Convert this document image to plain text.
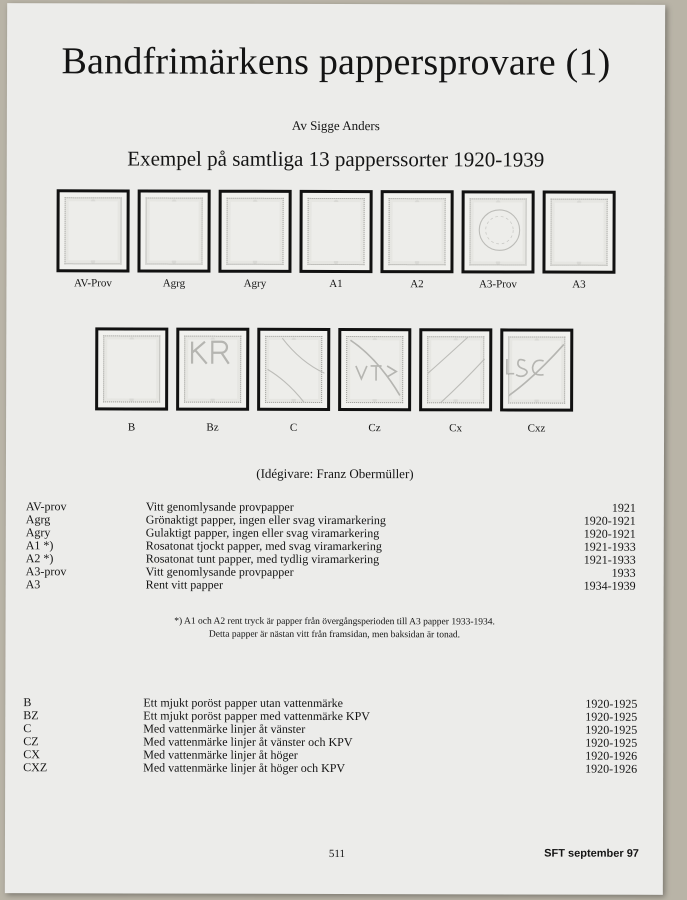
Bandfrimärkens pappersprovare (1)
Av Sigge Anders
Exempel på samtliga 13 papperssorter 1920-1939
AV-Prov	Agrg	Agry	A1	A2	A3-Prov	A3
B	Bz	C	Cz	Cx	Cxz
(Idégivare: Franz Obermüller)
AV-prov	Vitt genomlysande provpapper	1921
Agrg	Grönaktigt papper, ingen eller svag viramarkering	1920-1921
Agry	Gulaktigt papper, ingen eller svag viramarkering	1920-1921
A1 *)	Rosatonat tjockt papper, med svag viramarkering	1921-1933
A2 *)	Rosatonat tunt papper, med tydlig viramarkering	1921-1933
A3-prov	Vitt genomlysande provpapper	1933
A3	Rent vitt papper	1934-1939
*) A1 och A2 rent tryck är papper från övergångsperioden till A3 papper 1933-1934.
Detta papper är nästan vitt från framsidan, men baksidan är tonad.
B	Ett mjukt poröst papper utan vattenmärke	1920-1925
BZ	Ett mjukt poröst papper med vattenmärke KPV	1920-1925
C	Med vattenmärke linjer åt vänster	1920-1925
CZ	Med vattenmärke linjer åt vänster och KPV	1920-1925
CX	Med vattenmärke linjer åt höger	1920-1926
CXZ	Med vattenmärke linjer åt höger och KPV	1920-1926
511	SFT september 97
